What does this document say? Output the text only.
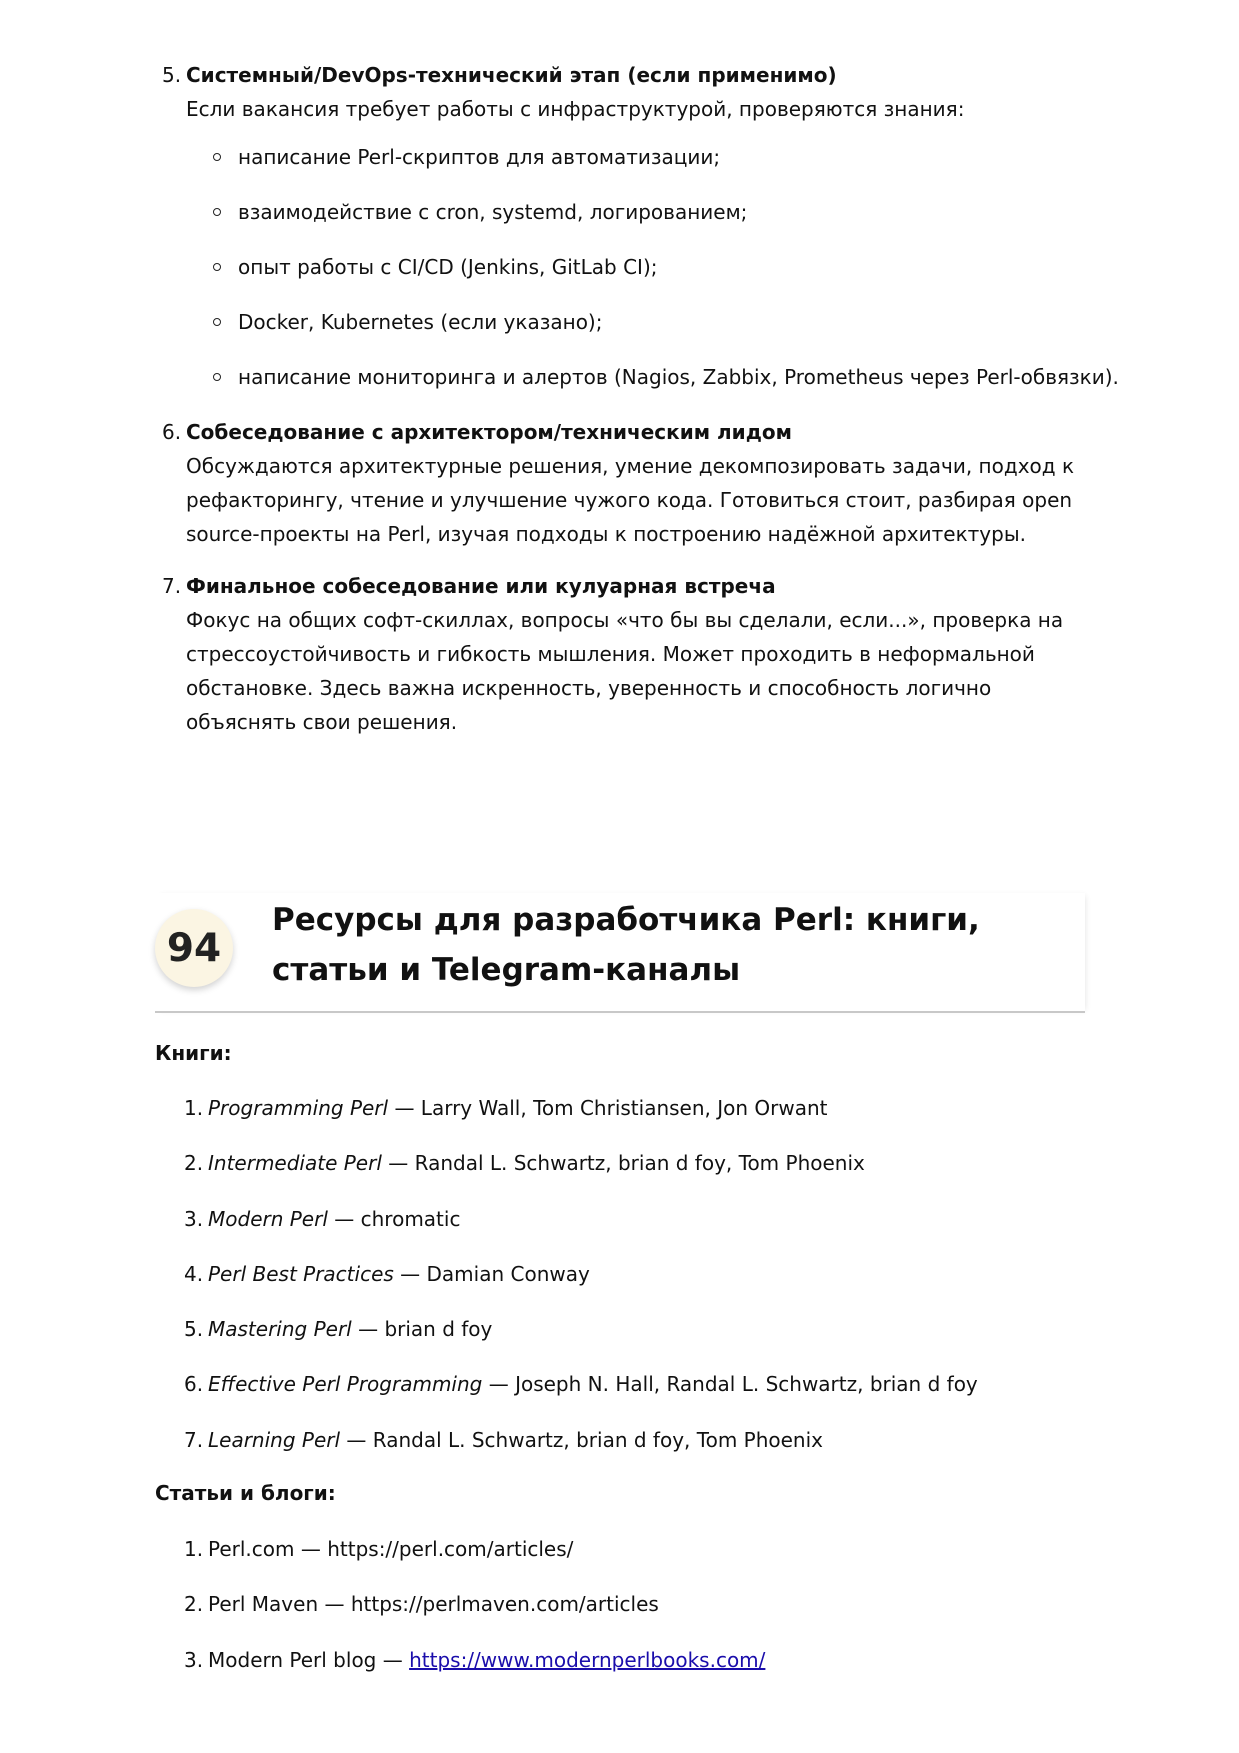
5. Системный/DevOps-технический этап (если применимо)
Если вакансия требует работы с инфраструктурой, проверяются знания:
написание Perl-скриптов для автоматизации;
взаимодействие с cron, systemd, логированием;
опыт работы с CI/CD (Jenkins, GitLab CI);
Docker, Kubernetes (если указано);
написание мониторинга и алертов (Nagios, Zabbix, Prometheus через Perl-обвязки).
6. Собеседование с архитектором/техническим лидом
Обсуждаются архитектурные решения, умение декомпозировать задачи, подход к рефакторингу, чтение и улучшение чужого кода. Готовиться стоит, разбирая open source-проекты на Perl, изучая подходы к построению надёжной архитектуры.
7. Финальное собеседование или кулуарная встреча
Фокус на общих софт-скиллах, вопросы «что бы вы сделали, если...», проверка на стрессоустойчивость и гибкость мышления. Может проходить в неформальной обстановке. Здесь важна искренность, уверенность и способность логично объяснять свои решения.
94
Ресурсы для разработчика Perl: книги, статьи и Telegram-каналы

Книги:

1. Programming Perl — Larry Wall, Tom Christiansen, Jon Orwant
2. Intermediate Perl — Randal L. Schwartz, brian d foy, Tom Phoenix
3. Modern Perl — chromatic
4. Perl Best Practices — Damian Conway
5. Mastering Perl — brian d foy
6. Effective Perl Programming — Joseph N. Hall, Randal L. Schwartz, brian d foy
7. Learning Perl — Randal L. Schwartz, brian d foy, Tom Phoenix

Статьи и блоги:

1. Perl.com — https://perl.com/articles/
2. Perl Maven — https://perlmaven.com/articles
3. Modern Perl blog — https://www.modernperlbooks.com/
